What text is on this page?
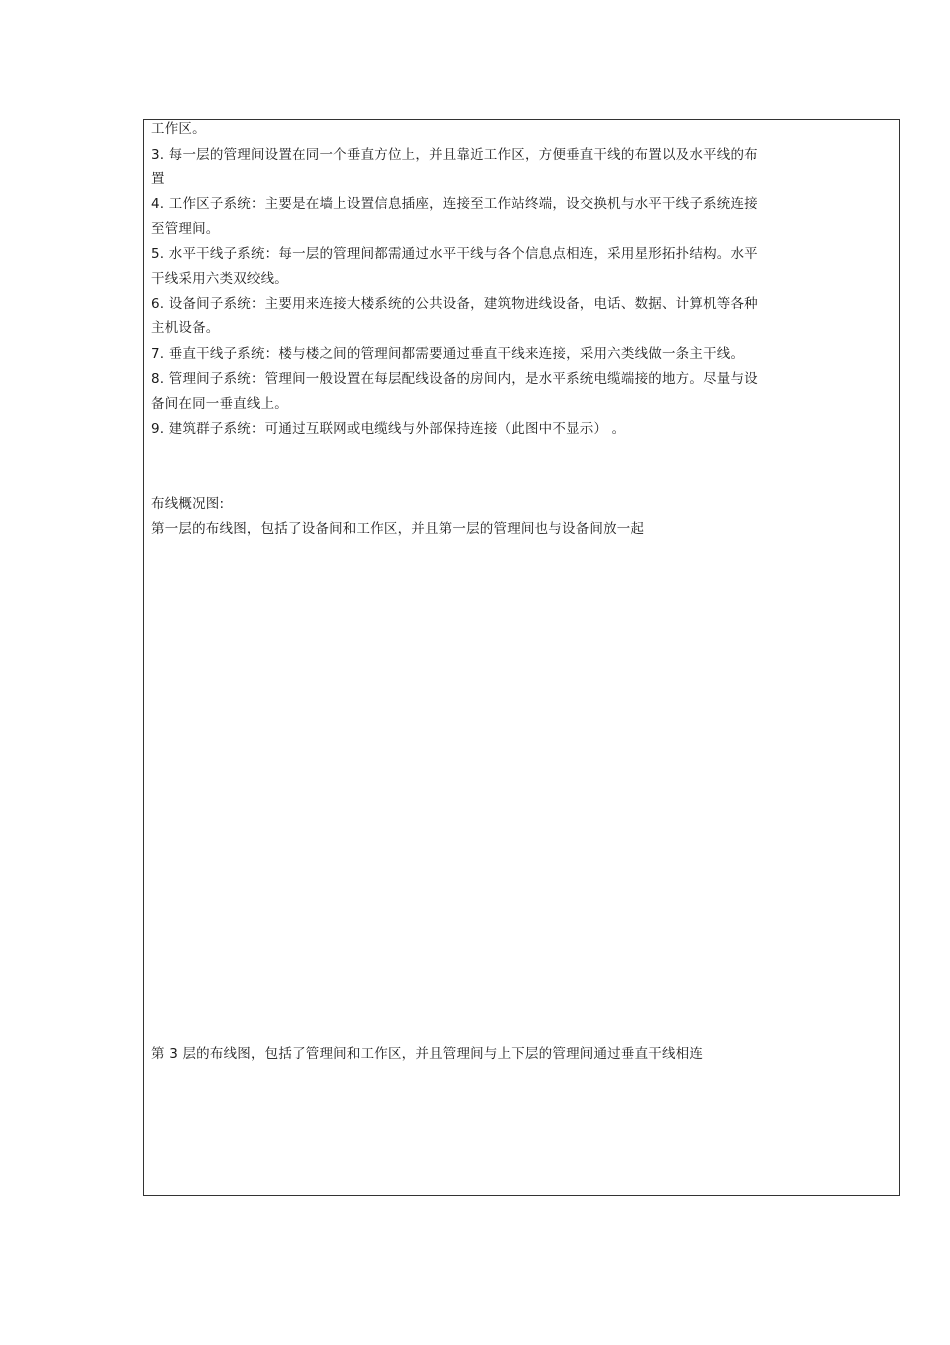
工作区。
3. 每一层的管理间设置在同一个垂直方位上，并且靠近工作区，方便垂直干线的布置以及水平线的布
置
4. 工作区子系统：主要是在墙上设置信息插座，连接至工作站终端，设交换机与水平干线子系统连接
至管理间。
5. 水平干线子系统：每一层的管理间都需通过水平干线与各个信息点相连，采用星形拓扑结构。水平
干线采用六类双绞线。
6. 设备间子系统：主要用来连接大楼系统的公共设备，建筑物进线设备，电话、数据、计算机等各种
主机设备。
7. 垂直干线子系统：楼与楼之间的管理间都需要通过垂直干线来连接，采用六类线做一条主干线。
8. 管理间子系统：管理间一般设置在每层配线设备的房间内，是水平系统电缆端接的地方。尽量与设
备间在同一垂直线上。
9. 建筑群子系统：可通过互联网或电缆线与外部保持连接（此图中不显示） 。
布线概况图:
第一层的布线图，包括了设备间和工作区，并且第一层的管理间也与设备间放一起
第 3 层的布线图，包括了管理间和工作区，并且管理间与上下层的管理间通过垂直干线相连
